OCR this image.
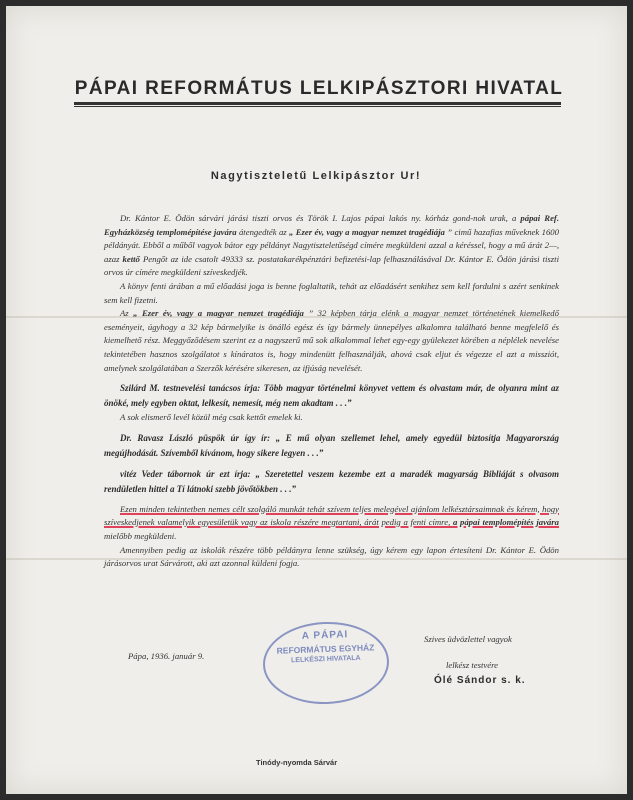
PÁPAI REFORMÁTUS LELKIPÁSZTORI HIVATAL
Nagytiszteletű Lelkipásztor Ur!

Dr. Kántor E. Ödön sárvári járási tiszti orvos és Török I. Lajos pápai lakós ny. kórház gond-nok urak, a pápai Ref. Egyházközség templomépítése javára átengedték az „ Ezer év, vagy a magyar nemzet tragédiája ” cimű hazafias műveknek 1600 példányát. Ebből a műből vagyok bátor egy példányt Nagytiszteletűségd címére megküldeni azzal a kéréssel, hogy a mű árát 2—, azaz kettő Pengőt az ide csatolt 49333 sz. postatakarékpénztári befizetési-lap felhasználásával Dr. Kántor E. Ödön járási tiszti orvos úr címére megküldeni szíveskedjék.

A könyv fenti árában a mű előadási joga is benne foglaltatik, tehát az előadásért senkihez sem kell fordulni s azért senkinek sem kell fizetni.

Az „ Ezer év, vagy a magyar nemzet tragédiája ” 32 képben tárja elénk a magyar nemzet történetének kiemelkedő eseményeit, úgyhogy a 32 kép bármelyike is önálló egész és így bármely ünnepélyes alkalomra található benne megfelelő és kiemelhető rész. Meggyőződésem szerint ez a nagyszerű mű sok alkalommal lehet egy-egy gyülekezet körében a néplélek nevelése tekintetében hasznos szolgálatot s kínáratos is, hogy mindenütt felhasználják, ahová csak eljut és végezze el azt a missziót, amelynek szolgálatában a Szerzők kérésére sikeresen, az ifjúság nevelését.

Szilárd M. testnevelési tanácsos írja: Több magyar történelmi könyvet vettem és olvastam már, de olyanra mint az önöké, mely egyben oktat, lelkesít, nemesít, még nem akadtam . . .”

A sok elismerő levél közül még csak kettőt emelek ki.

Dr. Ravasz László püspök úr így ír: „ E mű olyan szellemet lehel, amely egyedül biztosítja Magyarország megújhodását. Szívemből kívánom, hogy sikere legyen . . .”

vitéz Veder tábornok úr ezt írja: „ Szeretettel veszem kezembe ezt a maradék magyarság Bibliáját s olvasom rendületlen hittel a Tí látnoki szebb jövőtökben . . .”

Ezen minden tekintetben nemes célt szolgáló munkát tehát szívem teljes melegével ajánlom lelkésztársaimnak és kérem, hogy szíveskedjenek valamelyik egyesületük vagy az iskola részére megtartani, árát pedig a fenti címre, a pápai templomépítés javára mielőbb megküldeni.

Amennyiben pedig az iskolák részére több példányra lenne szükség, úgy kérem egy lapon értesíteni Dr. Kántor E. Ödön járásorvos urat Sárvárott, aki azt azonnal küldeni fogja.

Szives üdvözlettel vagyok
lelkész testvére
Ólé Sándor s. k.
Pápa, 1936. január 9.
A PÁPAI
REFORMÁTUS EGYHÁZ
LELKÉSZI HIVATALA
Tinódy-nyomda Sárvár
